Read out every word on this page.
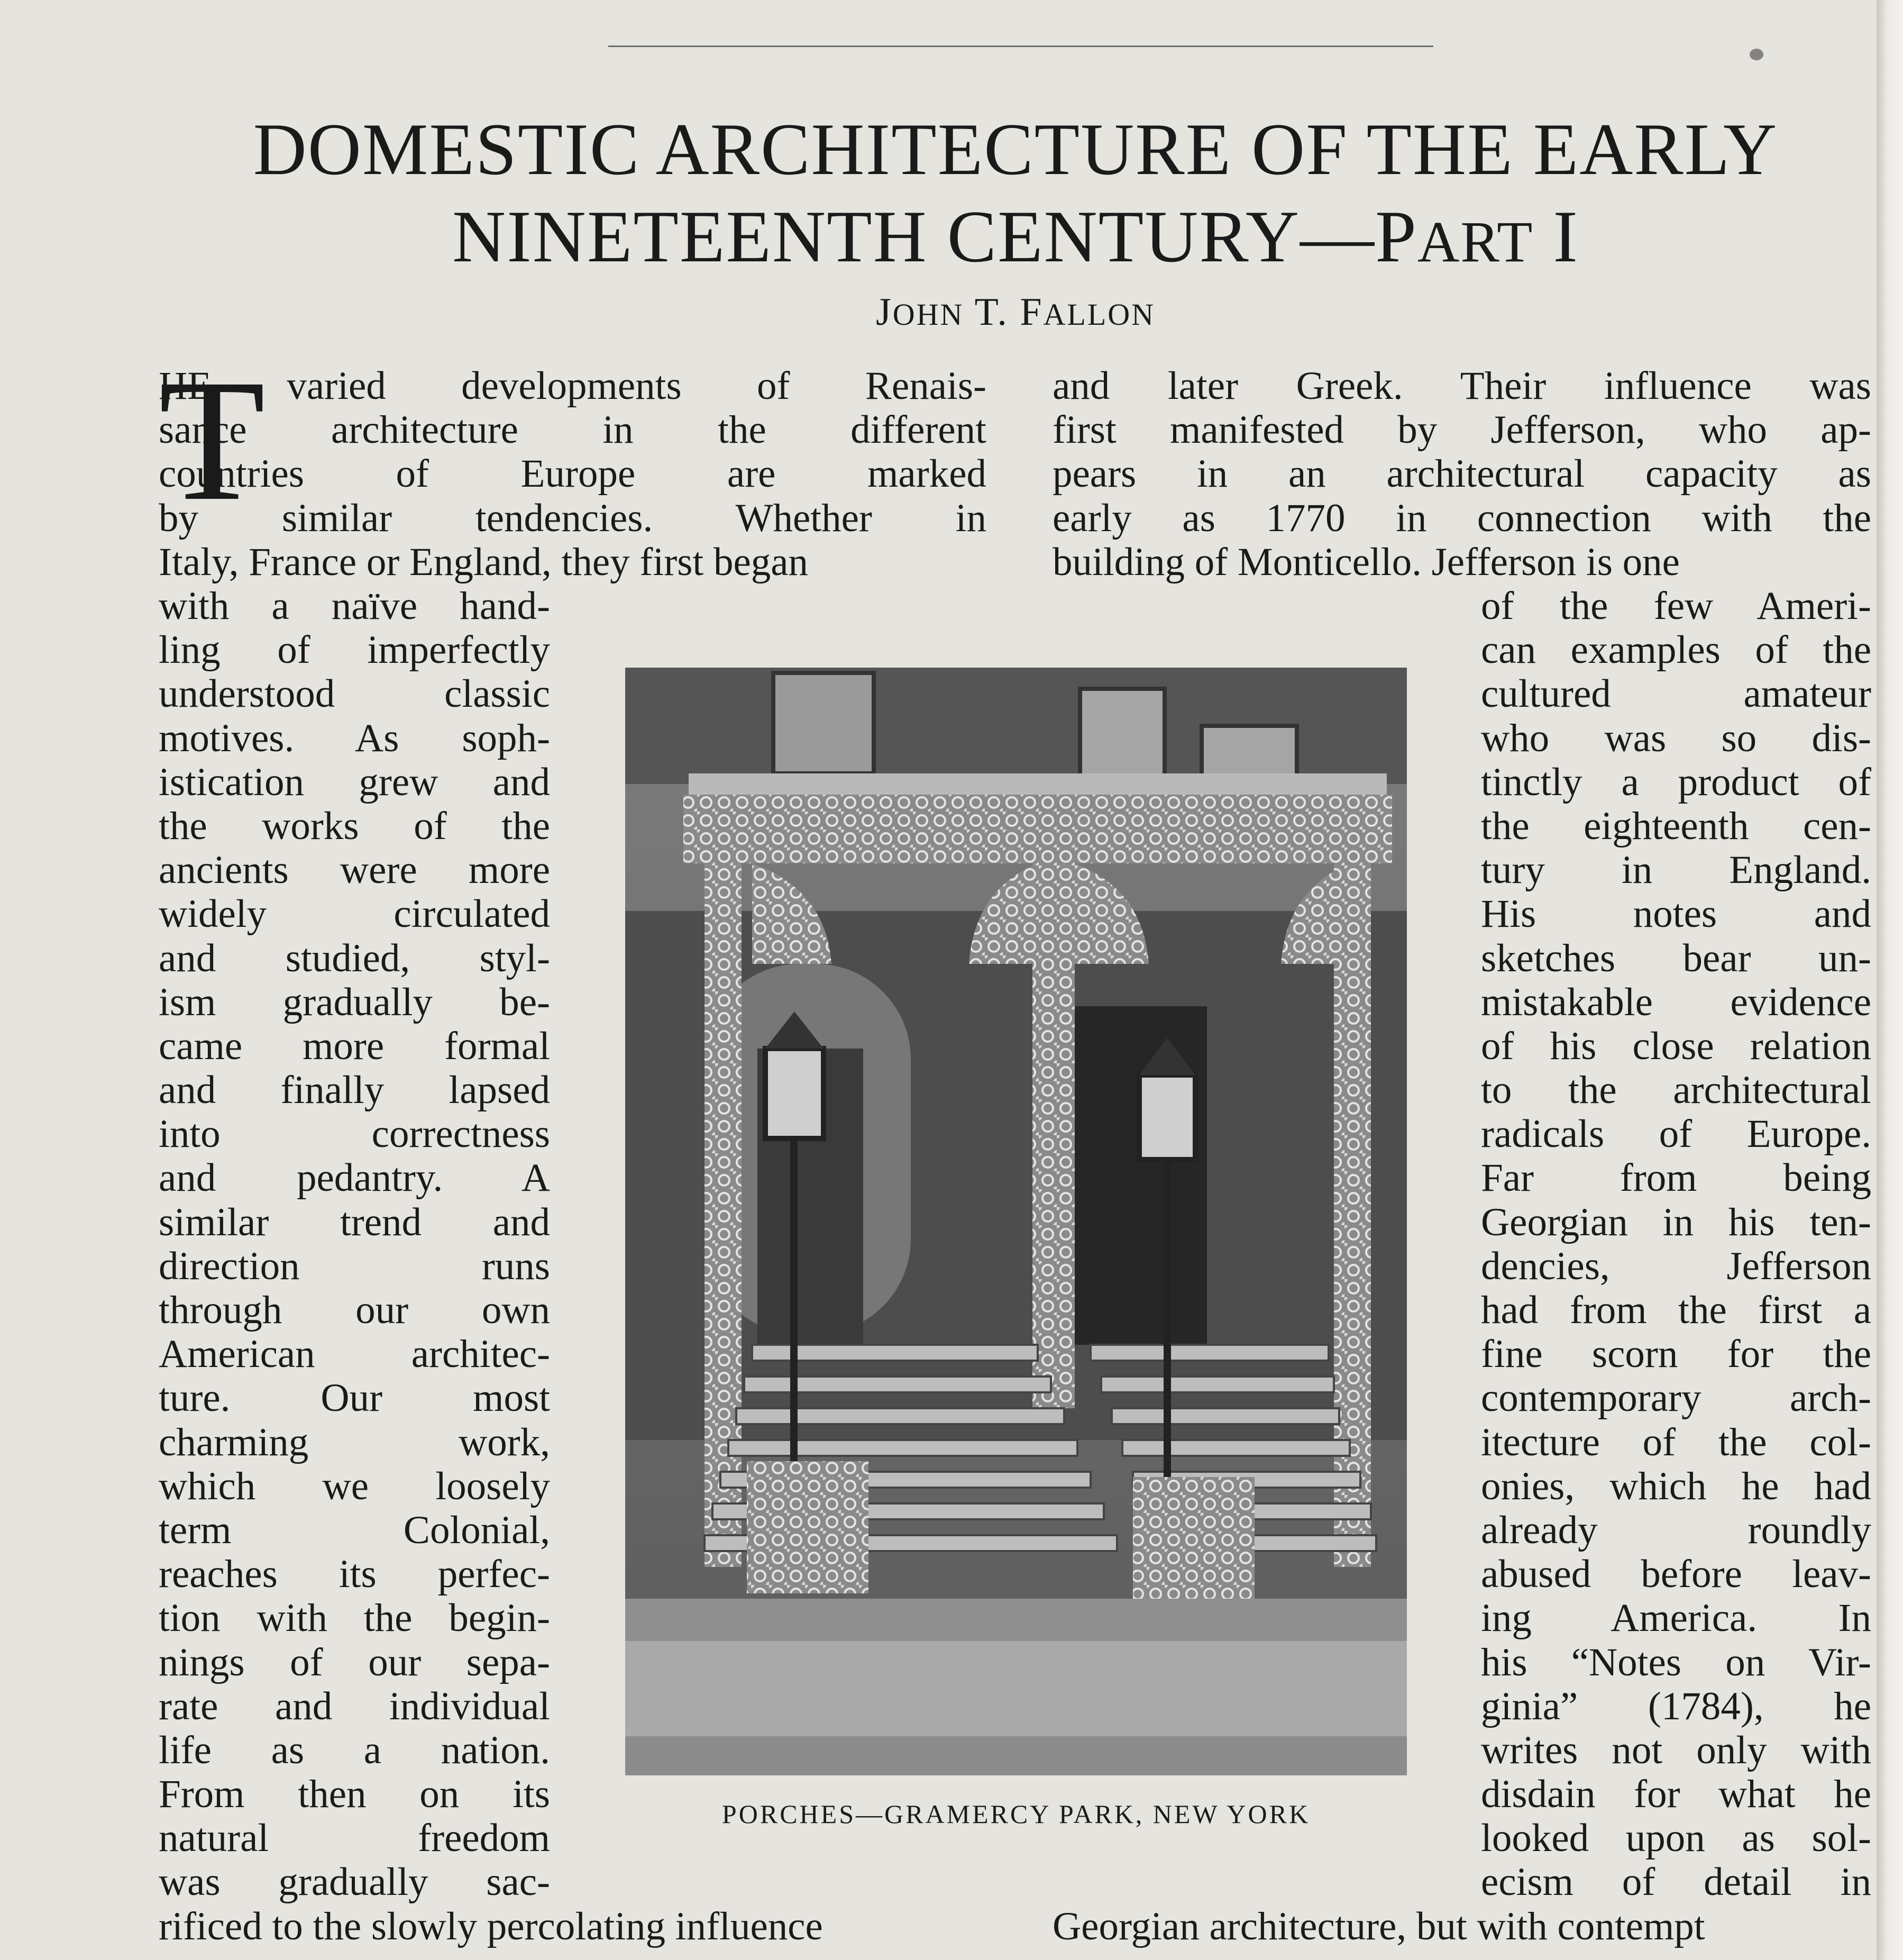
DOMESTIC ARCHITECTURE OF THE EARLY
NINETEENTH CENTURY—PART I
JOHN T. FALLON
T
HE varied developments of Renais-
sance architecture in the different
countries of Europe are marked
by similar tendencies. Whether in
Italy, France or England, they first began
and later Greek. Their influence was
first manifested by Jefferson, who ap-
pears in an architectural capacity as
early as 1770 in connection with the
building of Monticello. Jefferson is one
with a naïve hand-
ling of imperfectly
understood classic
motives. As soph-
istication grew and
the works of the
ancients were more
widely circulated
and studied, styl-
ism gradually be-
came more formal
and finally lapsed
into correctness
and pedantry. A
similar trend and
direction runs
through our own
American architec-
ture. Our most
charming work,
which we loosely
term Colonial,
reaches its perfec-
tion with the begin-
nings of our sepa-
rate and individual
life as a nation.
From then on its
natural freedom
was gradually sac-
of the few Ameri-
can examples of the
cultured amateur
who was so dis-
tinctly a product of
the eighteenth cen-
tury in England.
His notes and
sketches bear un-
mistakable evidence
of his close relation
to the architectural
radicals of Europe.
Far from being
Georgian in his ten-
dencies, Jefferson
had from the first a
fine scorn for the
contemporary arch-
itecture of the col-
onies, which he had
already roundly
abused before leav-
ing America. In
his “Notes on Vir-
ginia” (1784), he
writes not only with
disdain for what he
looked upon as sol-
ecism of detail in
rificed to the slowly percolating influence	Georgian architecture, but with contempt
PORCHES—GRAMERCY PARK, NEW YORK
